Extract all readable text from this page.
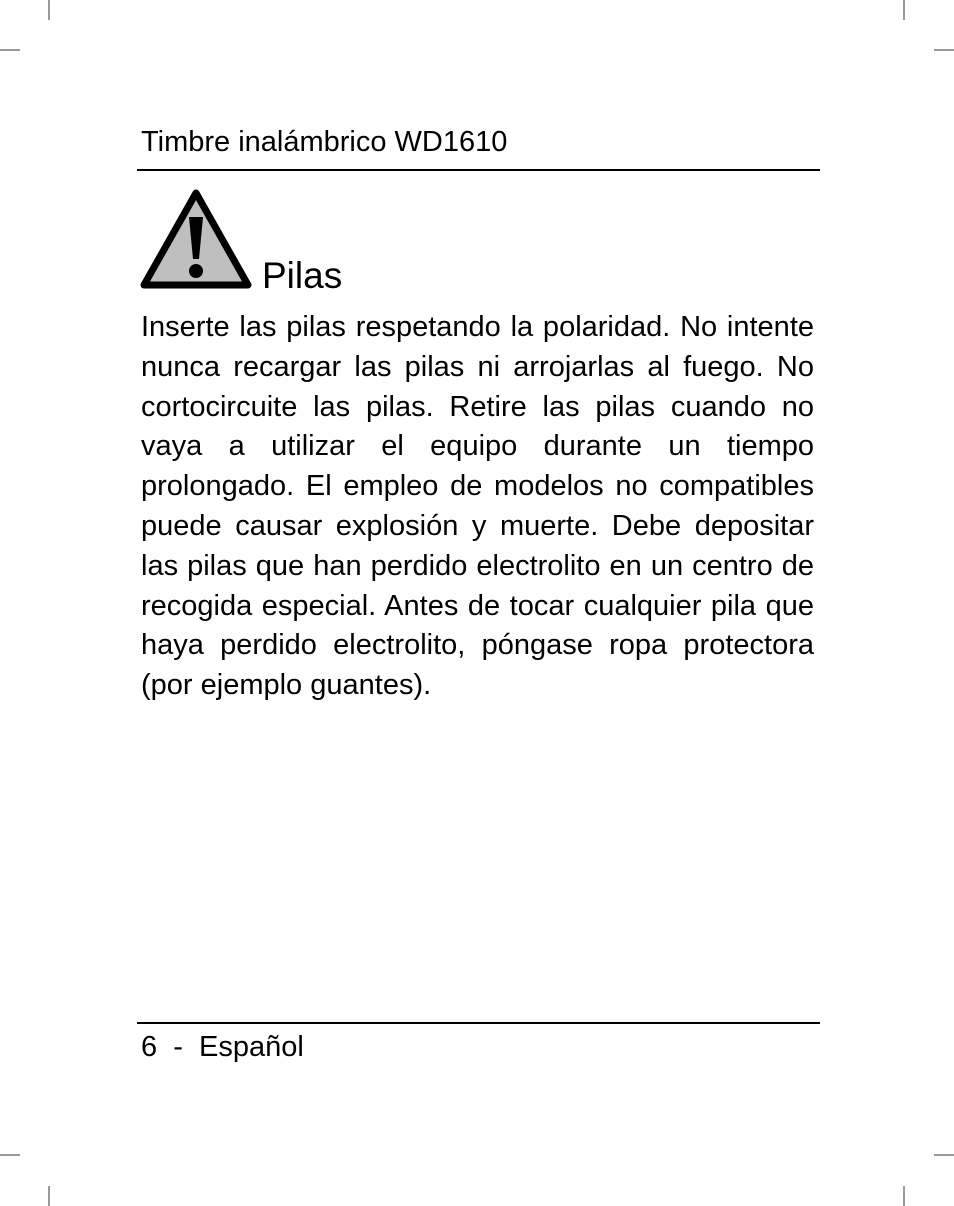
Timbre inalámbrico WD1610
Pilas

Inserte las pilas respetando la polaridad. No intente nunca recargar las pilas ni arrojarlas al fuego. No cortocircuite las pilas. Retire las pilas cuando no vaya a utilizar el equipo durante un tiempo prolongado. El empleo de modelos no compatibles puede causar explosión y muerte. Debe depositar las pilas que han perdido electrolito en un centro de recogida especial. Antes de tocar cualquier pila que haya perdido electrolito, póngase ropa protectora (por ejemplo guantes).

6  -  Español
